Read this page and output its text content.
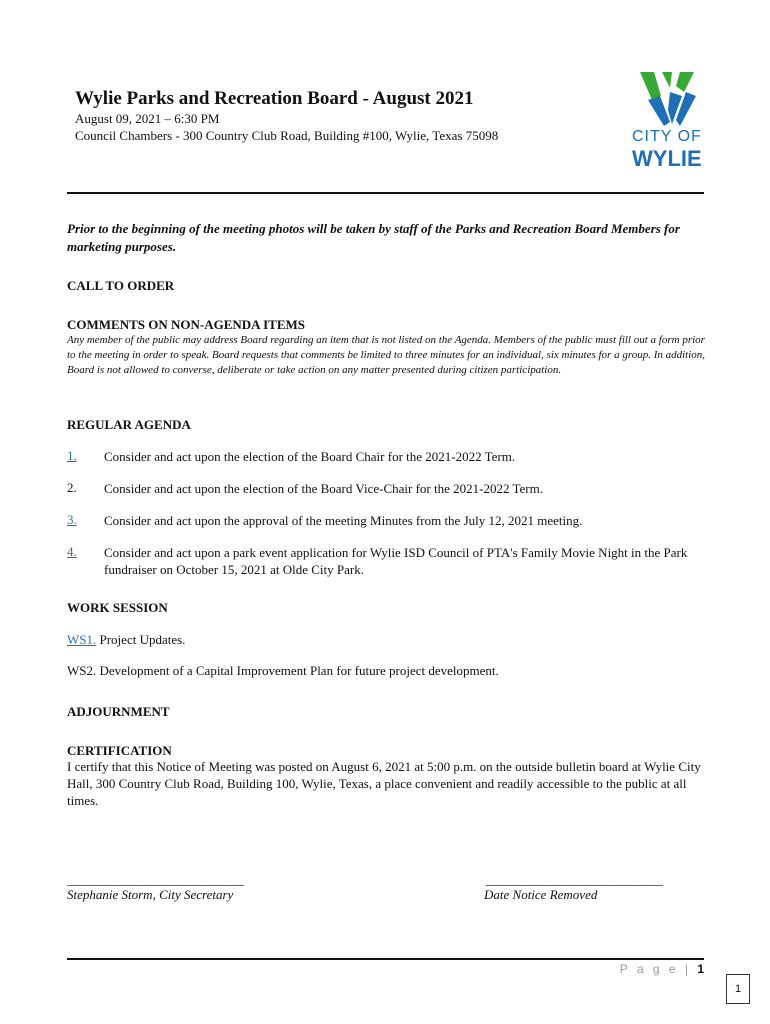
Wylie Parks and Recreation Board - August 2021
August 09, 2021 – 6:30 PM
Council Chambers - 300 Country Club Road, Building #100, Wylie, Texas 75098	CITY OF
WYLIE
Prior to the beginning of the meeting photos will be taken by staff of the Parks and Recreation Board Members for marketing purposes.
CALL TO ORDER
COMMENTS ON NON-AGENDA ITEMS
Any member of the public may address Board regarding an item that is not listed on the Agenda. Members of the public must fill out a form prior to the meeting in order to speak. Board requests that comments be limited to three minutes for an individual, six minutes for a group. In addition, Board is not allowed to converse, deliberate or take action on any matter presented during citizen participation.
REGULAR AGENDA
1. Consider and act upon the election of the Board Chair for the 2021-2022 Term.
2. Consider and act upon the election of the Board Vice-Chair for the 2021-2022 Term.
3. Consider and act upon the approval of the meeting Minutes from the July 12, 2021 meeting.
4. Consider and act upon a park event application for Wylie ISD Council of PTA's Family Movie Night in the Park fundraiser on October 15, 2021 at Olde City Park.
WORK SESSION
WS1. Project Updates.
WS2. Development of a Capital Improvement Plan for future project development.
ADJOURNMENT
CERTIFICATION
I certify that this Notice of Meeting was posted on August 6, 2021 at 5:00 p.m. on the outside bulletin board at Wylie City Hall, 300 Country Club Road, Building 100, Wylie, Texas, a place convenient and readily accessible to the public at all times.
________________________________
Stephanie Storm, City Secretary
________________________________
Date Notice Removed
P a g e | 1
1
